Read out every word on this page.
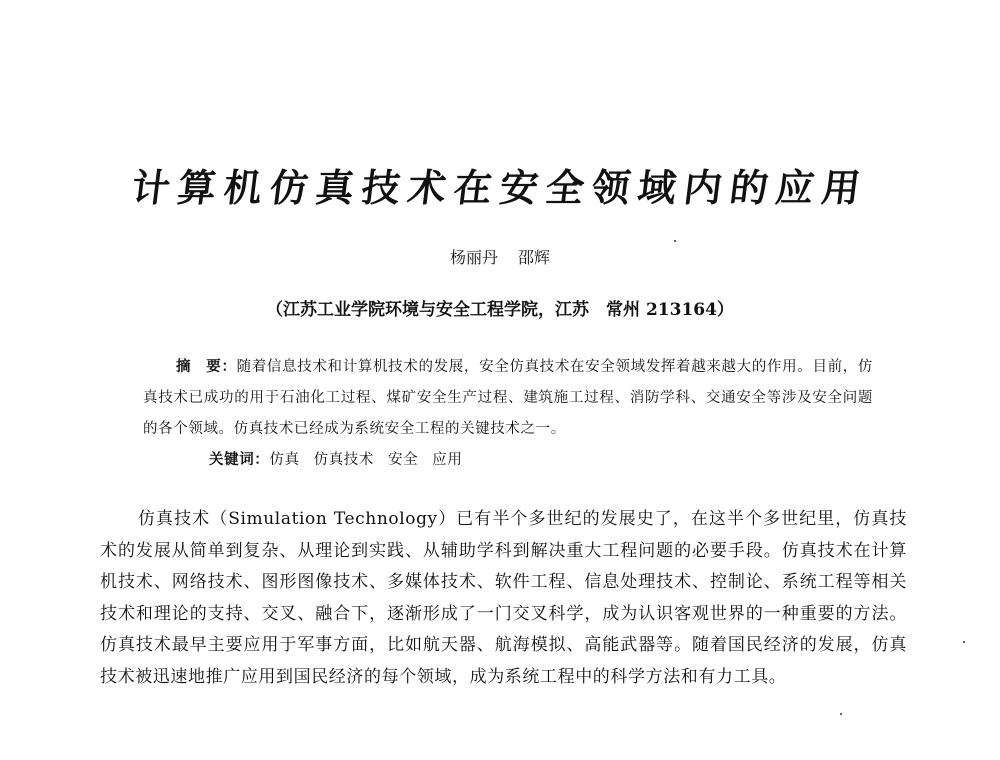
计算机仿真技术在安全领域内的应用
杨丽丹 邵辉
（江苏工业学院环境与安全工程学院，江苏　常州 213164）

摘　要：随着信息技术和计算机技术的发展，安全仿真技术在安全领域发挥着越来越大的作用。目前，仿真技术已成功的用于石油化工过程、煤矿安全生产过程、建筑施工过程、消防学科、交通安全等涉及安全问题的各个领域。仿真技术已经成为系统安全工程的关键技术之一。

关键词：仿真 仿真技术 安全 应用

仿真技术（Simulation Technology）已有半个多世纪的发展史了，在这半个多世纪里，仿真技术的发展从简单到复杂、从理论到实践、从辅助学科到解决重大工程问题的必要手段。仿真技术在计算机技术、网络技术、图形图像技术、多媒体技术、软件工程、信息处理技术、控制论、系统工程等相关技术和理论的支持、交叉、融合下，逐渐形成了一门交叉科学，成为认识客观世界的一种重要的方法。仿真技术最早主要应用于军事方面，比如航天器、航海模拟、高能武器等。随着国民经济的发展，仿真技术被迅速地推广应用到国民经济的每个领域，成为系统工程中的科学方法和有力工具。
